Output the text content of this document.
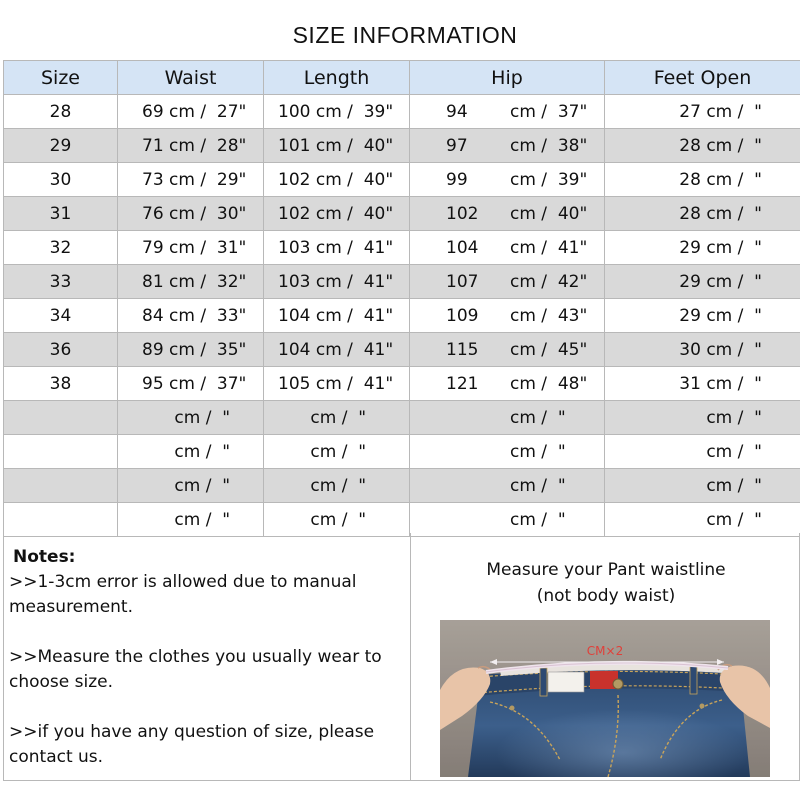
SIZE INFORMATION
Size	Waist	Length	Hip	Feet Open
28	69 cm /  27"	100 cm /  39"	94 cm /  37"	27 cm /  "
29	71 cm /  28"	101 cm /  40"	97 cm /  38"	28 cm /  "
30	73 cm /  29"	102 cm /  40"	99 cm /  39"	28 cm /  "
31	76 cm /  30"	102 cm /  40"	102 cm /  40"	28 cm /  "
32	79 cm /  31"	103 cm /  41"	104 cm /  41"	29 cm /  "
33	81 cm /  32"	103 cm /  41"	107 cm /  42"	29 cm /  "
34	84 cm /  33"	104 cm /  41"	109 cm /  43"	29 cm /  "
36	89 cm /  35"	104 cm /  41"	115 cm /  45"	30 cm /  "
38	95 cm /  37"	105 cm /  41"	121 cm /  48"	31 cm /  "
	cm /  "	cm /  "	cm /  "	cm /  "
	cm /  "	cm /  "	cm /  "	cm /  "
	cm /  "	cm /  "	cm /  "	cm /  "
	cm /  "	cm /  "	cm /  "	cm /  "
Notes:

>>1-3cm error is allowed due to manual measurement.

>>Measure the clothes you usually wear to choose size.

>>if you have any question of size, please contact us.

Measure your Pant waistline
(not body waist)
CM×2
